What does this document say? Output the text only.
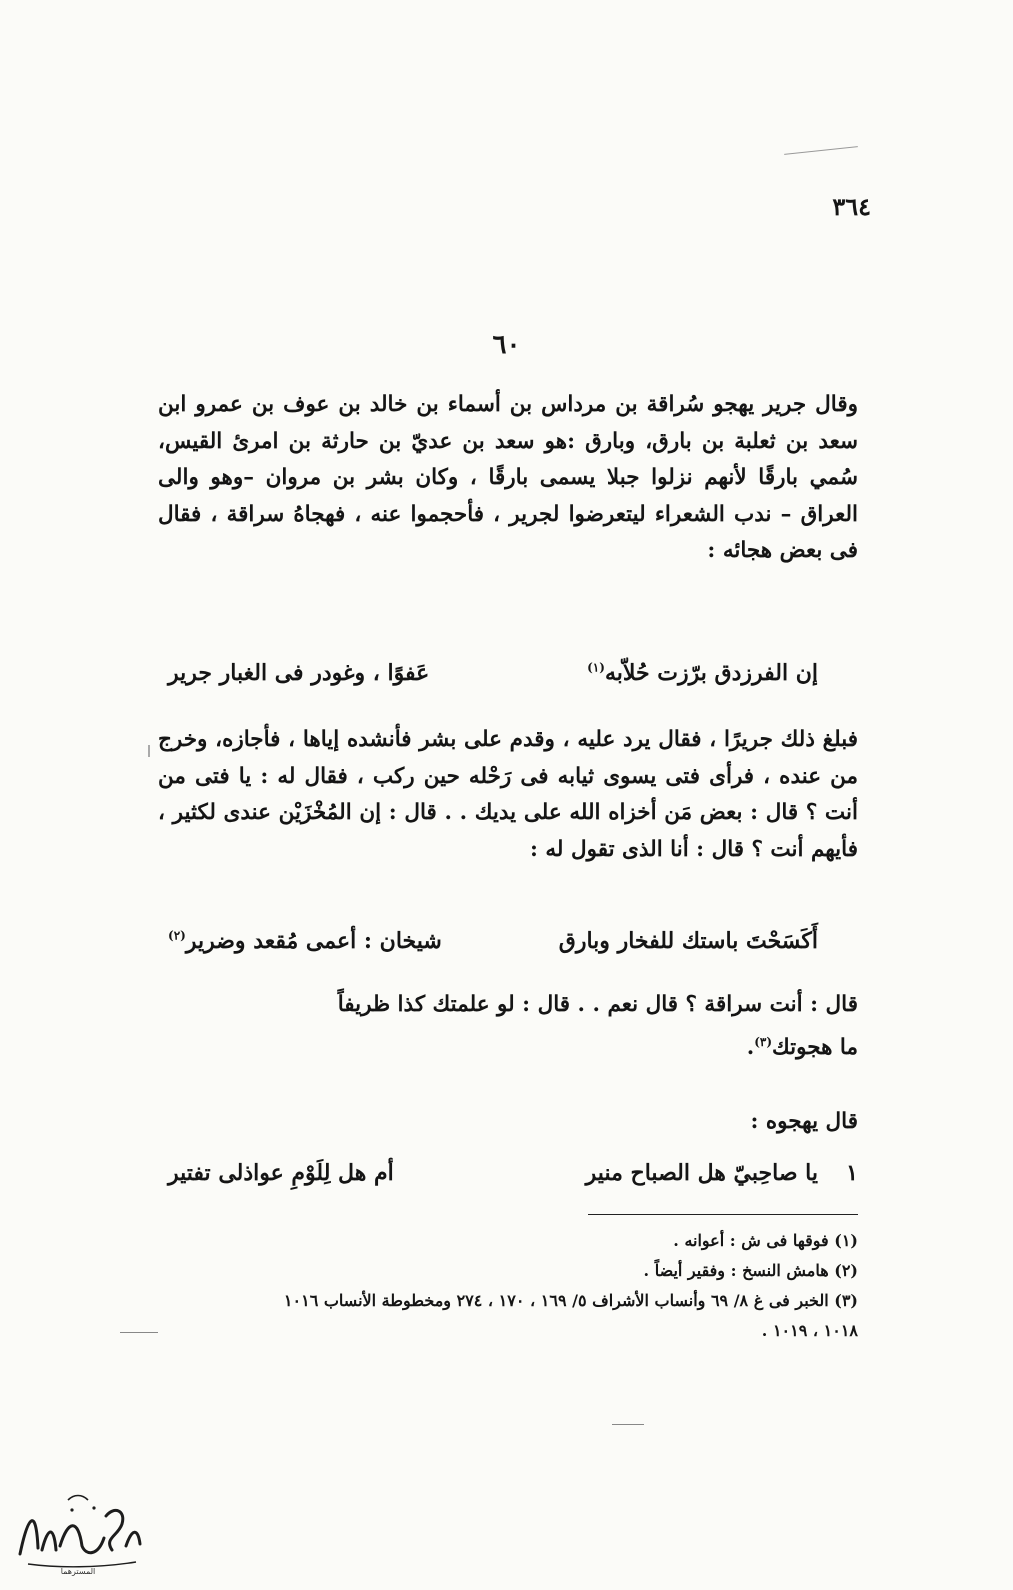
٣٦٤
٦٠

وقال جرير يهجو سُراقة بن مرداس بن أسماء بن خالد بن عوف بن عمرو ابن سعد بن ثعلبة بن بارق، وبارق :هو سعد بن عديّ بن حارثة بن امرئ القيس، سُمي بارقًا لأنهم نزلوا جبلا يسمى بارقًا ، وكان بشر بن مروان –وهو والى العراق – ندب الشعراء ليتعرضوا لجرير ، فأحجموا عنه ، فهجاهُ سراقة ، فقال فى بعض هجائه :

إن الفرزدق برّزت حُلاّبه$^{(١)}$
عَفوًا ، وغودر فى الغبار جرير

فبلغ ذلك جريرًا ، فقال يرد عليه ، وقدم على بشر فأنشده إياها ، فأجازه، وخرج من عنده ، فرأى فتى يسوى ثيابه فى رَحْله حين ركب ، فقال له : يا فتى من أنت ؟ قال : بعض مَن أخزاه الله على يديك . . قال : إن المُخْزَيْن عندى لكثير ، فأيهم أنت ؟ قال : أنا الذى تقول له :

أَكَسَحْتَ باستك للفخار وبارق
شيخان : أعمى مُقعد وضرير$^{(٢)}$

قال : أنت سراقة ؟ قال نعم . . قال : لو علمتك كذا ظريفاً

ما هجوتك$^{(٣)}$.

قال يهجوه :
١
يا صاحِبيّ هل الصباح منير
أم هل لِلَوْمِ عواذلى تفتير

(١) فوقها فى ش : أعوانه .

(٢) هامش النسخ : وفقير أيضاً .

(٣) الخبر فى غ ٨/ ٦٩ وأنساب الأشراف ٥/ ١٦٩ ، ١٧٠ ، ٢٧٤ ومخطوطة الأنساب ١٠١٦

١٠١٨ ، ١٠١٩ .

المسترهما
